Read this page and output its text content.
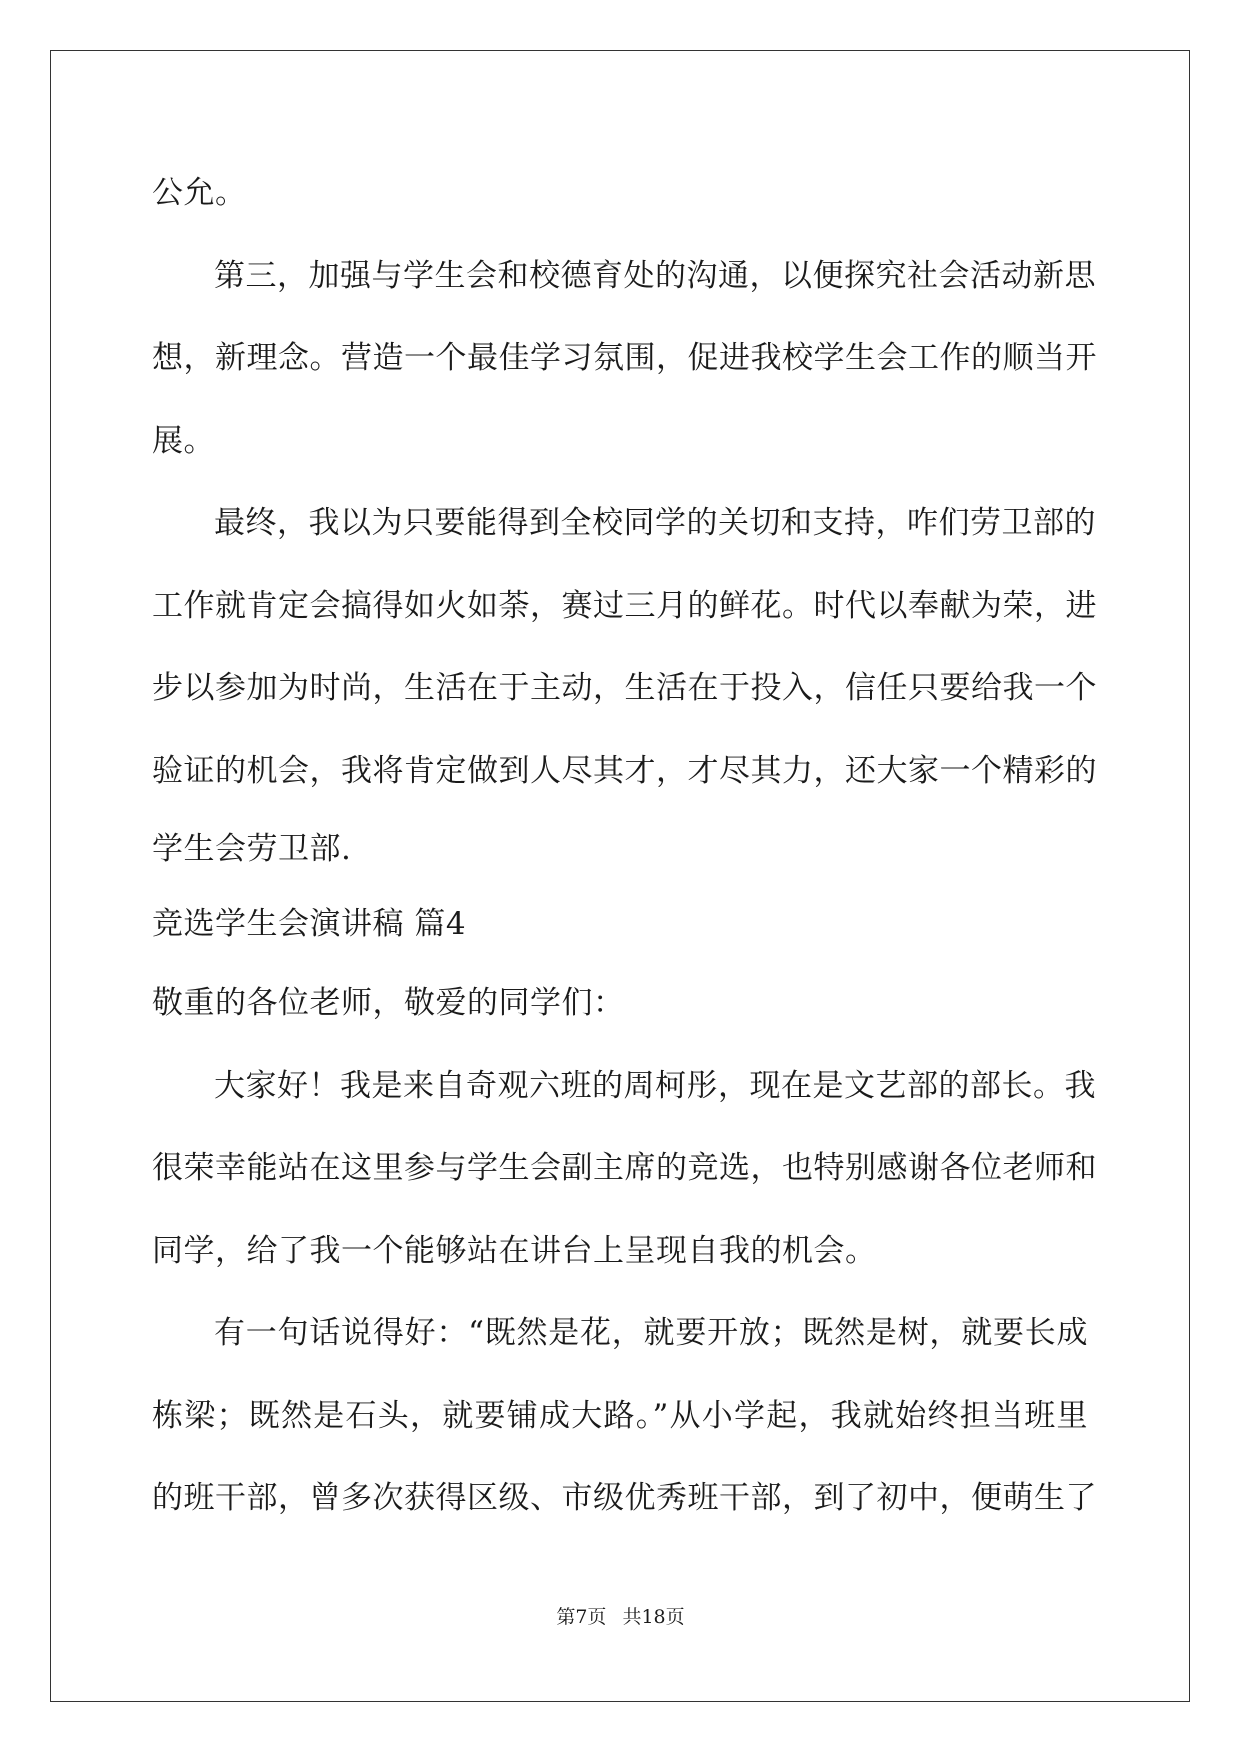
公允。
第三，加强与学生会和校德育处的沟通，以便探究社会活动新思
想，新理念。营造一个最佳学习氛围，促进我校学生会工作的顺当开
展。
最终，我以为只要能得到全校同学的关切和支持，咋们劳卫部的
工作就肯定会搞得如火如荼，赛过三月的鲜花。时代以奉献为荣，进
步以参加为时尚，生活在于主动，生活在于投入，信任只要给我一个
验证的机会，我将肯定做到人尽其才，才尽其力，还大家一个精彩的
学生会劳卫部.
竞选学生会演讲稿 篇4
敬重的各位老师，敬爱的同学们：
大家好！我是来自奇观六班的周柯彤，现在是文艺部的部长。我
很荣幸能站在这里参与学生会副主席的竞选，也特别感谢各位老师和
同学，给了我一个能够站在讲台上呈现自我的机会。
有一句话说得好：“既然是花，就要开放；既然是树，就要长成
栋梁；既然是石头，就要铺成大路。”从小学起，我就始终担当班里
的班干部，曾多次获得区级、市级优秀班干部，到了初中，便萌生了
第7页 共18页
